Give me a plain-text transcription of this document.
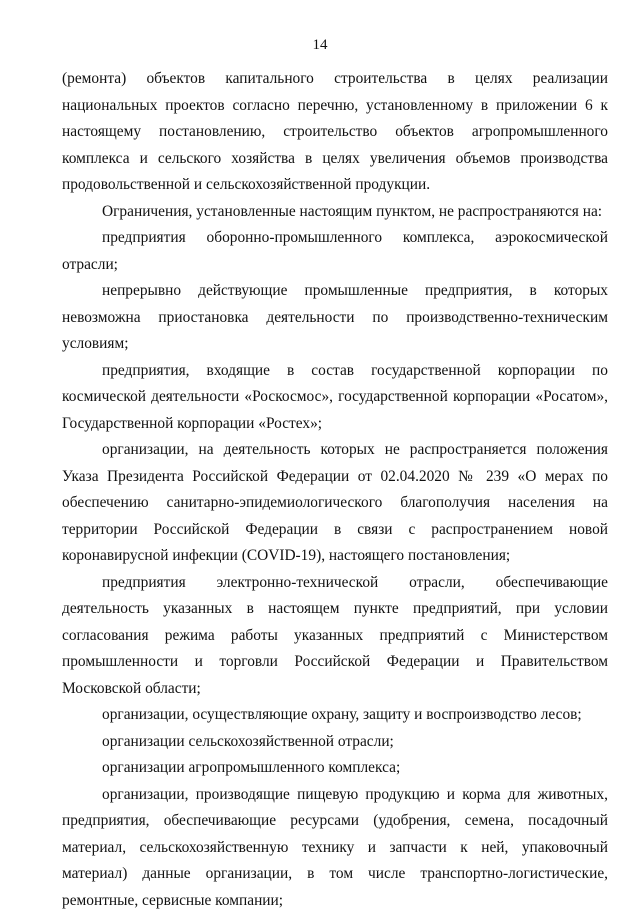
14

(ремонта) объектов капитального строительства в целях реализации национальных проектов согласно перечню, установленному в приложении 6 к настоящему постановлению, строительство объектов агропромышленного комплекса и сельского хозяйства в целях увеличения объемов производства продовольственной и сельскохозяйственной продукции.

Ограничения, установленные настоящим пунктом, не распространяются на:

предприятия оборонно-промышленного комплекса, аэрокосмической отрасли;

непрерывно действующие промышленные предприятия, в которых невозможна приостановка деятельности по производственно-техническим условиям;

предприятия, входящие в состав государственной корпорации по космической деятельности «Роскосмос», государственной корпорации «Росатом», Государственной корпорации «Ростех»;

организации, на деятельность которых не распространяется положения Указа Президента Российской Федерации от 02.04.2020 № 239 «О мерах по обеспечению санитарно-эпидемиологического благополучия населения на территории Российской Федерации в связи с распространением новой коронавирусной инфекции (COVID-19), настоящего постановления;

предприятия электронно-технической отрасли, обеспечивающие деятельность указанных в настоящем пункте предприятий, при условии согласования режима работы указанных предприятий с Министерством промышленности и торговли Российской Федерации и Правительством Московской области;

организации, осуществляющие охрану, защиту и воспроизводство лесов;

организации сельскохозяйственной отрасли;

организации агропромышленного комплекса;

организации, производящие пищевую продукцию и корма для животных, предприятия, обеспечивающие ресурсами (удобрения, семена, посадочный материал, сельскохозяйственную технику и запчасти к ней, упаковочный материал) данные организации, в том числе транспортно-логистические, ремонтные, сервисные компании;
